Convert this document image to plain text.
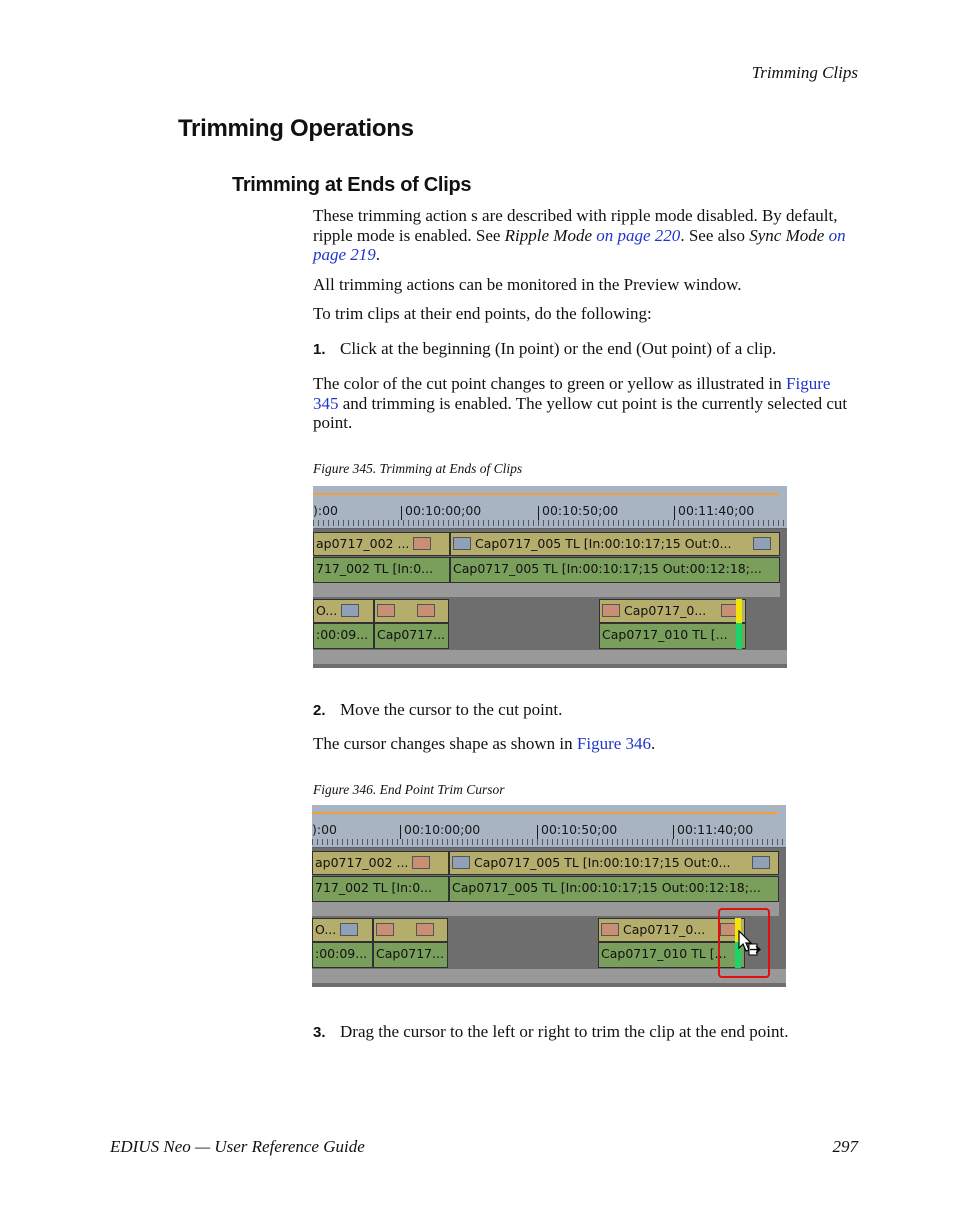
Trimming Clips
Trimming Operations
Trimming at Ends of Clips
These trimming action s are described with ripple mode disabled. By default, ripple mode is enabled. See Ripple Mode on page 220. See also Sync Mode on page 219.
All trimming actions can be monitored in the Preview window.
To trim clips at their end points, do the following:
1. Click at the beginning (In point) or the end (Out point) of a clip.
The color of the cut point changes to green or yellow as illustrated in Figure 345 and trimming is enabled. The yellow cut point is the currently selected cut point.
Figure 345. Trimming at Ends of Clips
):00	00:10:00;00	00:10:50;00	00:11:40;00
ap0717_002 ...	Cap0717_005 TL [In:00:10:17;15 Out:0...
717_002 TL [In:0...	Cap0717_005 TL [In:00:10:17;15 Out:00:12:18;...
O...	Cap0717_0...
:00:09... Cap0717...	Cap0717_010 TL [...
2. Move the cursor to the cut point.
The cursor changes shape as shown in Figure 346.
Figure 346. End Point Trim Cursor
):00	00:10:00;00	00:10:50;00	00:11:40;00
ap0717_002 ...	Cap0717_005 TL [In:00:10:17;15 Out:0...
717_002 TL [In:0...	Cap0717_005 TL [In:00:10:17;15 Out:00:12:18;...
O...	Cap0717_0...
:00:09... Cap0717...	Cap0717_010 TL [...
3. Drag the cursor to the left or right to trim the clip at the end point.
EDIUS Neo — User Reference Guide	297
